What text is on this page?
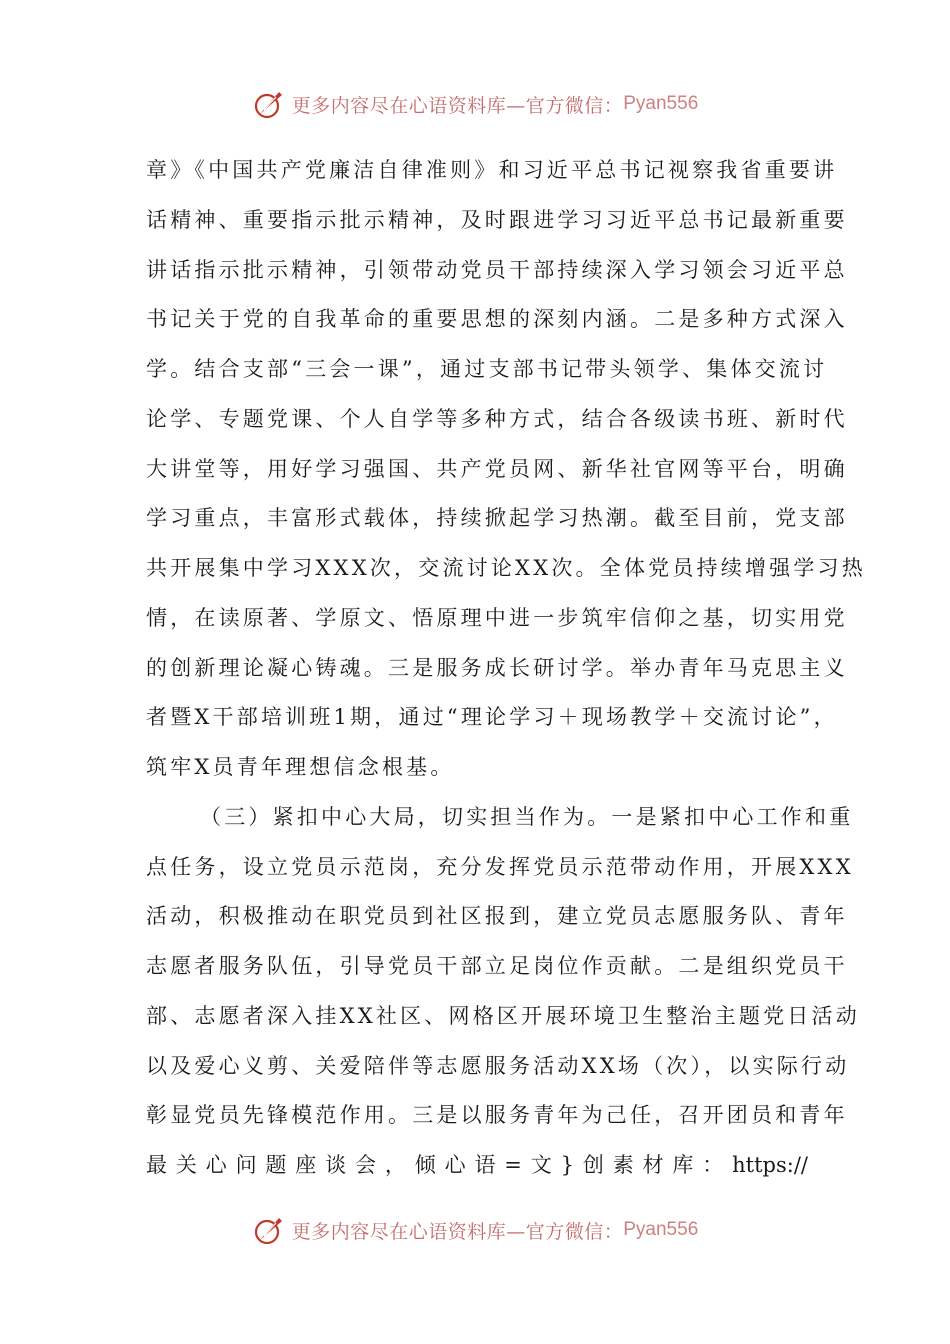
更多内容尽在心语资料库—官方微信： Pyan556
章》《中国共产党廉洁自律准则》和习近平总书记视察我省重要讲
话精神、重要指示批示精神，及时跟进学习习近平总书记最新重要
讲话指示批示精神，引领带动党员干部持续深入学习领会习近平总
书记关于党的自我革命的重要思想的深刻内涵。二是多种方式深入
学。结合支部“三会一课”，通过支部书记带头领学、集体交流讨
论学、专题党课、个人自学等多种方式，结合各级读书班、新时代
大讲堂等，用好学习强国、共产党员网、新华社官网等平台，明确
学习重点，丰富形式载体，持续掀起学习热潮。截至目前，党支部
共开展集中学习XXX次，交流讨论XX次。全体党员持续增强学习热
情，在读原著、学原文、悟原理中进一步筑牢信仰之基，切实用党
的创新理论凝心铸魂。三是服务成长研讨学。举办青年马克思主义
者暨X干部培训班1期，通过“理论学习＋现场教学＋交流讨论”，
筑牢X员青年理想信念根基。
（三）紧扣中心大局，切实担当作为。一是紧扣中心工作和重
点任务，设立党员示范岗，充分发挥党员示范带动作用，开展XXX
活动，积极推动在职党员到社区报到，建立党员志愿服务队、青年
志愿者服务队伍，引导党员干部立足岗位作贡献。二是组织党员干
部、志愿者深入挂XX社区、网格区开展环境卫生整治主题党日活动
以及爱心义剪、关爱陪伴等志愿服务活动XX场（次），以实际行动
彰显党员先锋模范作用。三是以服务青年为己任，召开团员和青年
最关心问题座谈会，倾心语=文}创素材库：https://
更多内容尽在心语资料库—官方微信： Pyan556
